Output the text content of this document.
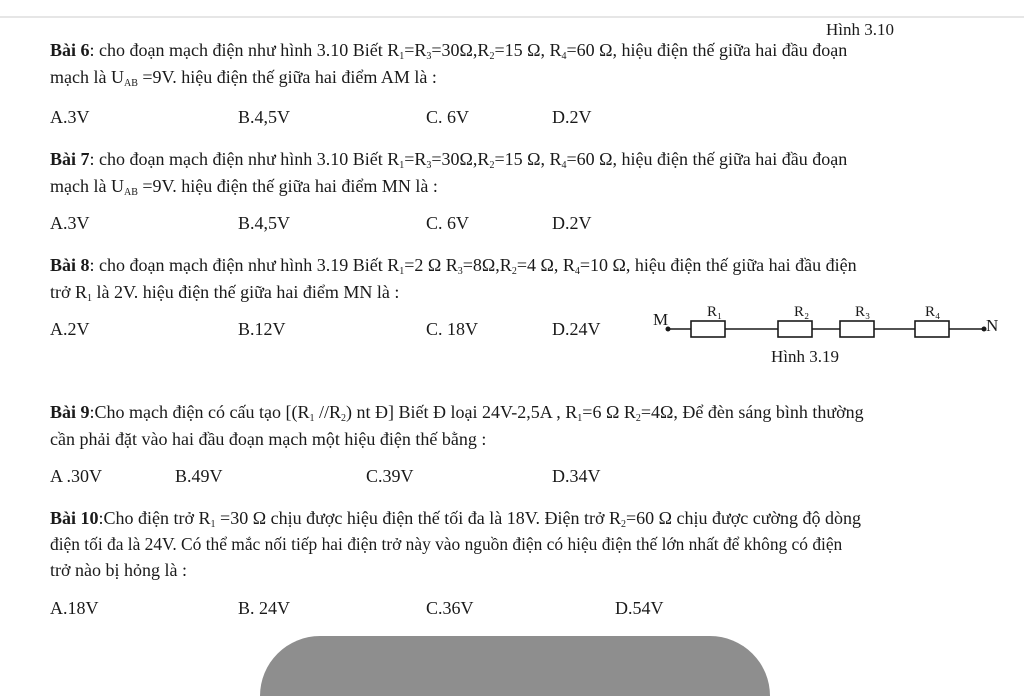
Hình 3.10
Bài 6: cho đoạn mạch điện như hình 3.10 Biết R1=R3=30Ω,R2=15 Ω, R4=60 Ω, hiệu điện thế giữa hai đầu đoạn
mạch là UAB =9V. hiệu điện thế giữa hai điểm AM là :
A.3V	B.4,5V	C. 6V	D.2V
Bài 7: cho đoạn mạch điện như hình 3.10 Biết R1=R3=30Ω,R2=15 Ω, R4=60 Ω, hiệu điện thế giữa hai đầu đoạn
mạch là UAB =9V. hiệu điện thế giữa hai điểm MN là :
A.3V	B.4,5V	C. 6V	D.2V
Bài 8: cho đoạn mạch điện như hình 3.19 Biết R1=2 Ω R3=8Ω,R2=4 Ω, R4=10 Ω, hiệu điện thế giữa hai đầu điện
trở R1 là 2V. hiệu điện thế giữa hai điểm MN là :
A.2V	B.12V	C. 18V	D.24V	M	N
R₁	R₂	R₃	R₄
Hình 3.19
Bài 9:Cho mạch điện có cấu tạo [(R1 //R2) nt Đ] Biết Đ loại 24V-2,5A , R1=6 Ω R2=4Ω, Để đèn sáng bình thường
cần phải đặt vào hai đầu đoạn mạch một hiệu điện thế bằng :
A .30V	B.49V	C.39V	D.34V
Bài 10:Cho điện trở R1 =30 Ω chịu được hiệu điện thế tối đa là 18V. Điện trở R2=60 Ω chịu được cường độ dòng
điện tối đa là 24V. Có thể mắc nối tiếp hai điện trở này vào nguồn điện có hiệu điện thế lớn nhất để không có điện
trở nào bị hỏng là :
A.18V	B. 24V	C.36V	D.54V
